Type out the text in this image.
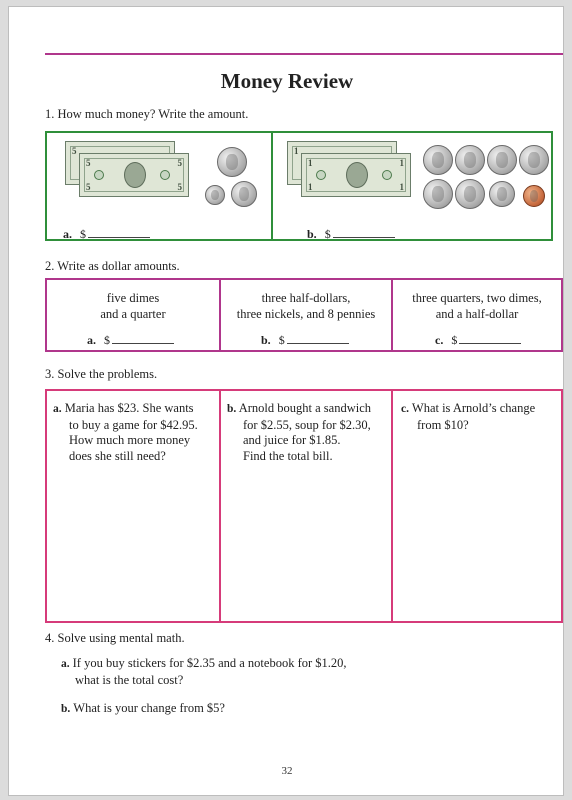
Money Review
1. How much money? Write the amount.
5
5	5
5	5
a. $
1
1	1
1	1
b. $
2. Write as dollar amounts.
five dimes
and a quarter
a. $
three half-dollars,
three nickels, and 8 pennies
b. $
three quarters, two dimes,
and a half-dollar
c. $
3. Solve the problems.
a. Maria has $23. She wants
to buy a game for $42.95.
How much more money
does she still need?
b. Arnold bought a sandwich
for $2.55, soup for $2.30,
and juice for $1.85.
Find the total bill.
c. What is Arnold’s change
from $10?
4. Solve using mental math.
a. If you buy stickers for $2.35 and a notebook for $1.20,
what is the total cost?
b. What is your change from $5?
32
